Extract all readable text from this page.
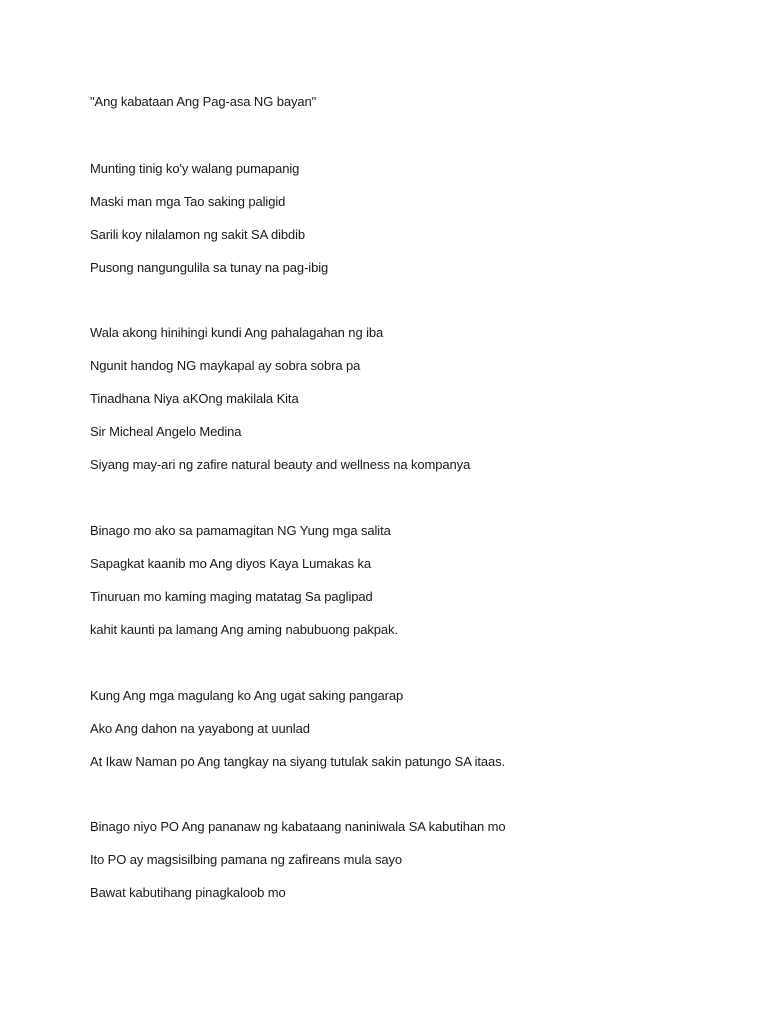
"Ang kabataan Ang Pag-asa NG bayan"
Munting tinig ko'y walang pumapanig
Maski man mga Tao saking paligid
Sarili koy nilalamon ng sakit SA dibdib
Pusong nangungulila sa tunay na pag-ibig
Wala akong hinihingi kundi Ang pahalagahan ng iba
Ngunit handog NG maykapal ay sobra sobra pa
Tinadhana Niya aKOng makilala Kita
Sir Micheal Angelo Medina
Siyang may-ari ng zafire natural beauty and wellness na kompanya
Binago mo ako sa pamamagitan NG Yung mga salita
Sapagkat kaanib mo Ang diyos Kaya Lumakas ka
Tinuruan mo kaming maging matatag Sa paglipad
kahit kaunti pa lamang Ang aming nabubuong pakpak.
Kung Ang mga magulang ko Ang ugat saking pangarap
Ako Ang dahon na yayabong at uunlad
At Ikaw Naman po Ang tangkay na siyang tutulak sakin patungo SA itaas.
Binago niyo PO Ang pananaw ng kabataang naniniwala SA kabutihan mo
Ito PO ay magsisilbing pamana ng zafireans mula sayo
Bawat kabutihang pinagkaloob mo
